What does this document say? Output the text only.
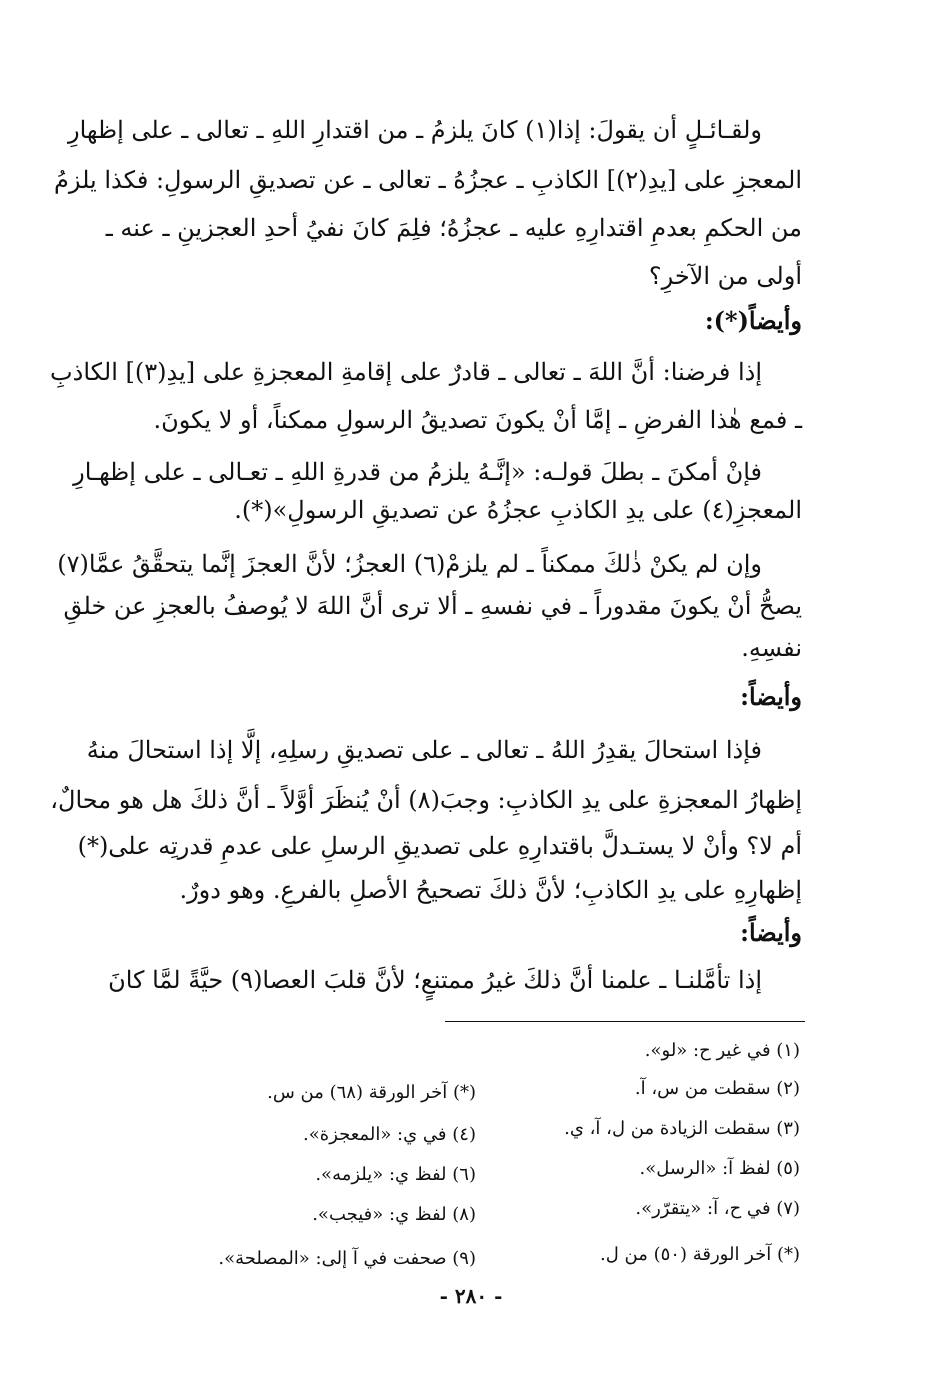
ولقـائـلٍ أن يقولَ: إذا(١) كانَ يلزمُ ـ من اقتدارِ اللهِ ـ تعالى ـ على إظهارِ
المعجزِ على [يدِ(٢)] الكاذبِ ـ عجزُهُ ـ تعالى ـ عن تصديقِ الرسولِ: فكذا يلزمُ
من الحكمِ بعدمِ اقتدارِهِ عليه ـ عجزُهُ؛ فلِمَ كانَ نفيُ أحدِ العجزينِ ـ عنه ـ
أولى من الآخرِ؟
وأيضاً(*):
إذا فرضنا: أنَّ اللهَ ـ تعالى ـ قادرٌ على إقامةِ المعجزةِ على [يدِ(٣)] الكاذبِ
ـ فمع هٰذا الفرضِ ـ إمَّا أنْ يكونَ تصديقُ الرسولِ ممكناً، أو لا يكونَ.
فإنْ أمكنَ ـ بطلَ قولـه: «إنَّـهُ يلزمُ من قدرةِ اللهِ ـ تعـالى ـ على إظهـارِ
المعجزِ(٤) على يدِ الكاذبِ عجزُهُ عن تصديقِ الرسولِ»(*).
وإن لم يكنْ ذٰلكَ ممكناً ـ لم يلزمْ(٦) العجزُ؛ لأنَّ العجزَ إنَّما يتحقَّقُ عمَّا(٧)
يصحُّ أنْ يكونَ مقدوراً ـ في نفسهِ ـ ألا ترى أنَّ اللهَ لا يُوصفُ بالعجزِ عن خلقِ
نفسِهِ.
وأيضاً:
فإذا استحالَ يقدِرُ اللهُ ـ تعالى ـ على تصديقِ رسلِهِ، إلَّا إذا استحالَ منهُ
إظهارُ المعجزةِ على يدِ الكاذبِ: وجبَ(٨) أنْ يُنظَرَ أوَّلاً ـ أنَّ ذلكَ هل هو محالٌ،
أم لا؟ وأنْ لا يستـدلَّ باقتدارِهِ على تصديقِ الرسلِ على عدمِ قدرتِه على(*)
إظهارِهِ على يدِ الكاذبِ؛ لأنَّ ذلكَ تصحيحُ الأصلِ بالفرعِ. وهو دورٌ.
وأيضاً:
إذا تأمَّلنـا ـ علمنا أنَّ ذلكَ غيرُ ممتنعٍ؛ لأنَّ قلبَ العصا(٩) حيَّةً لمَّا كانَ
(١) في غير ح: «لو».
(٢) سقطت من س، آ.
(٣) سقطت الزيادة من ل، آ، ي.
(٥) لفظ آ: «الرسل».
(٧) في ح، آ: «يتقرّر».
(*) آخر الورقة (٥٠) من ل.
(*) آخر الورقة (٦٨) من س.
(٤) في ي: «المعجزة».
(٦) لفظ ي: «يلزمه».
(٨) لفظ ي: «فيجب».
(٩) صحفت في آ إلى: «المصلحة».
- ٢٨٠ -
